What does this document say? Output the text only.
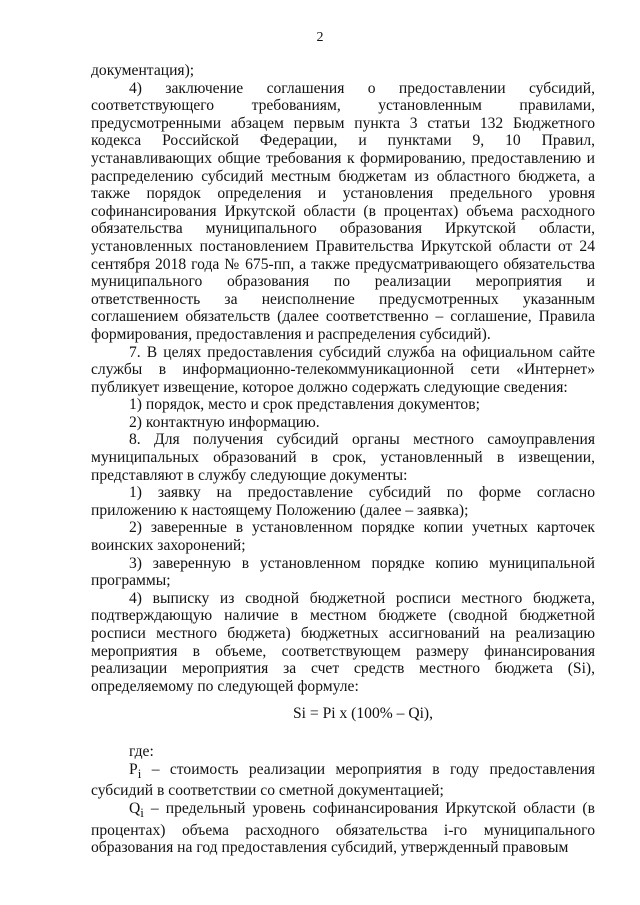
2

документация);

4) заключение соглашения о предоставлении субсидий, соответствующего требованиям, установленным правилами, предусмотренными абзацем первым пункта 3 статьи 132 Бюджетного кодекса Российской Федерации, и пунктами 9, 10 Правил, устанавливающих общие требования к формированию, предоставлению и распределению субсидий местным бюджетам из областного бюджета, а также порядок определения и установления предельного уровня софинансирования Иркутской области (в процентах) объема расходного обязательства муниципального образования Иркутской области, установленных постановлением Правительства Иркутской области от 24 сентября 2018 года № 675-пп, а также предусматривающего обязательства муниципального образования по реализации мероприятия и ответственность за неисполнение предусмотренных указанным соглашением обязательств (далее соответственно – соглашение, Правила формирования, предоставления и распределения субсидий).

7. В целях предоставления субсидий служба на официальном сайте службы в информационно-телекоммуникационной сети «Интернет» публикует извещение, которое должно содержать следующие сведения:

1) порядок, место и срок представления документов;

2) контактную информацию.

8. Для получения субсидий органы местного самоуправления муниципальных образований в срок, установленный в извещении, представляют в службу следующие документы:

1) заявку на предоставление субсидий по форме согласно приложению к настоящему Положению (далее – заявка);

2) заверенные в установленном порядке копии учетных карточек воинских захоронений;

3) заверенную в установленном порядке копию муниципальной программы;

4) выписку из сводной бюджетной росписи местного бюджета, подтверждающую наличие в местном бюджете (сводной бюджетной росписи местного бюджета) бюджетных ассигнований на реализацию мероприятия в объеме, соответствующем размеру финансирования реализации мероприятия за счет средств местного бюджета (Si), определяемому по следующей формуле:

Si = Pi x (100% – Qi),

где:

$P_i$ – стоимость реализации мероприятия в году предоставления субсидий в соответствии со сметной документацией;

$Q_i$ – предельный уровень софинансирования Иркутской области (в процентах) объема расходного обязательства i-го муниципального образования на год предоставления субсидий, утвержденный правовым
